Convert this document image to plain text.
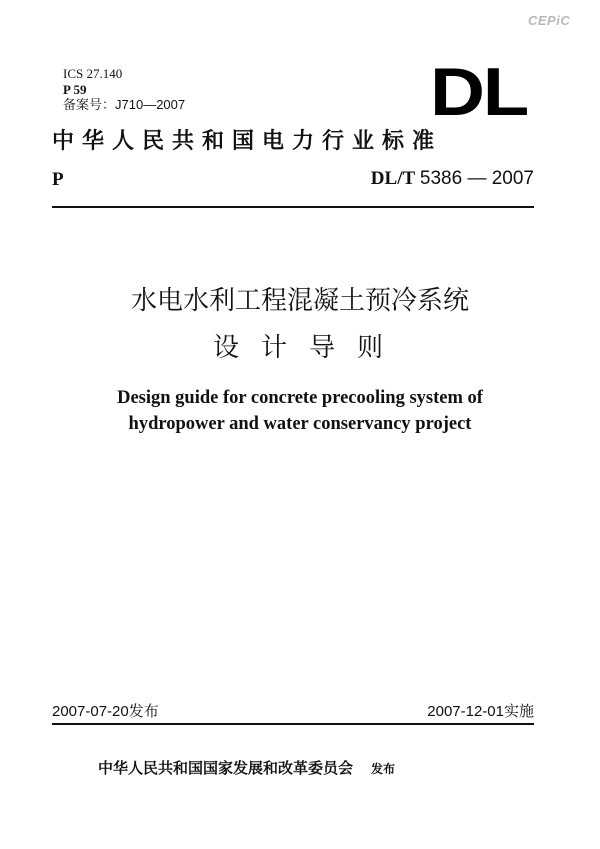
CEPiC
ICS 27.140
P 59
备案号：J710—2007	DL
中华人民共和国电力行业标准
P	DL/T 5386 — 2007
水电水利工程混凝土预冷系统
设计导则
Design guide for concrete precooling system of
hydropower and water conservancy project
2007-07-20发布	2007-12-01实施
中华人民共和国国家发展和改革委员会 发布
